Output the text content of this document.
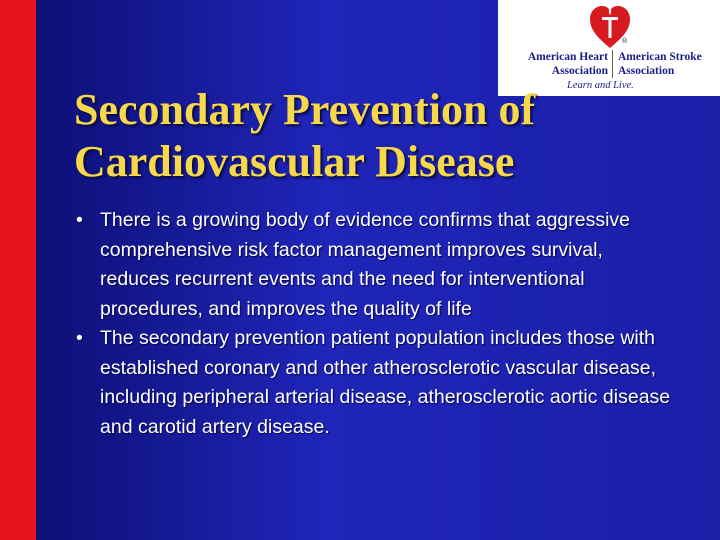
®
American Heart
Association
American Stroke
Association
Learn and Live.
Secondary Prevention of
Cardiovascular Disease
• There is a growing body of evidence confirms that aggressive comprehensive risk factor management improves survival, reduces recurrent events and the need for interventional procedures, and improves the quality of life
• The secondary prevention patient population includes those with established coronary and other atherosclerotic vascular disease, including peripheral arterial disease, atherosclerotic aortic disease and carotid artery disease.
